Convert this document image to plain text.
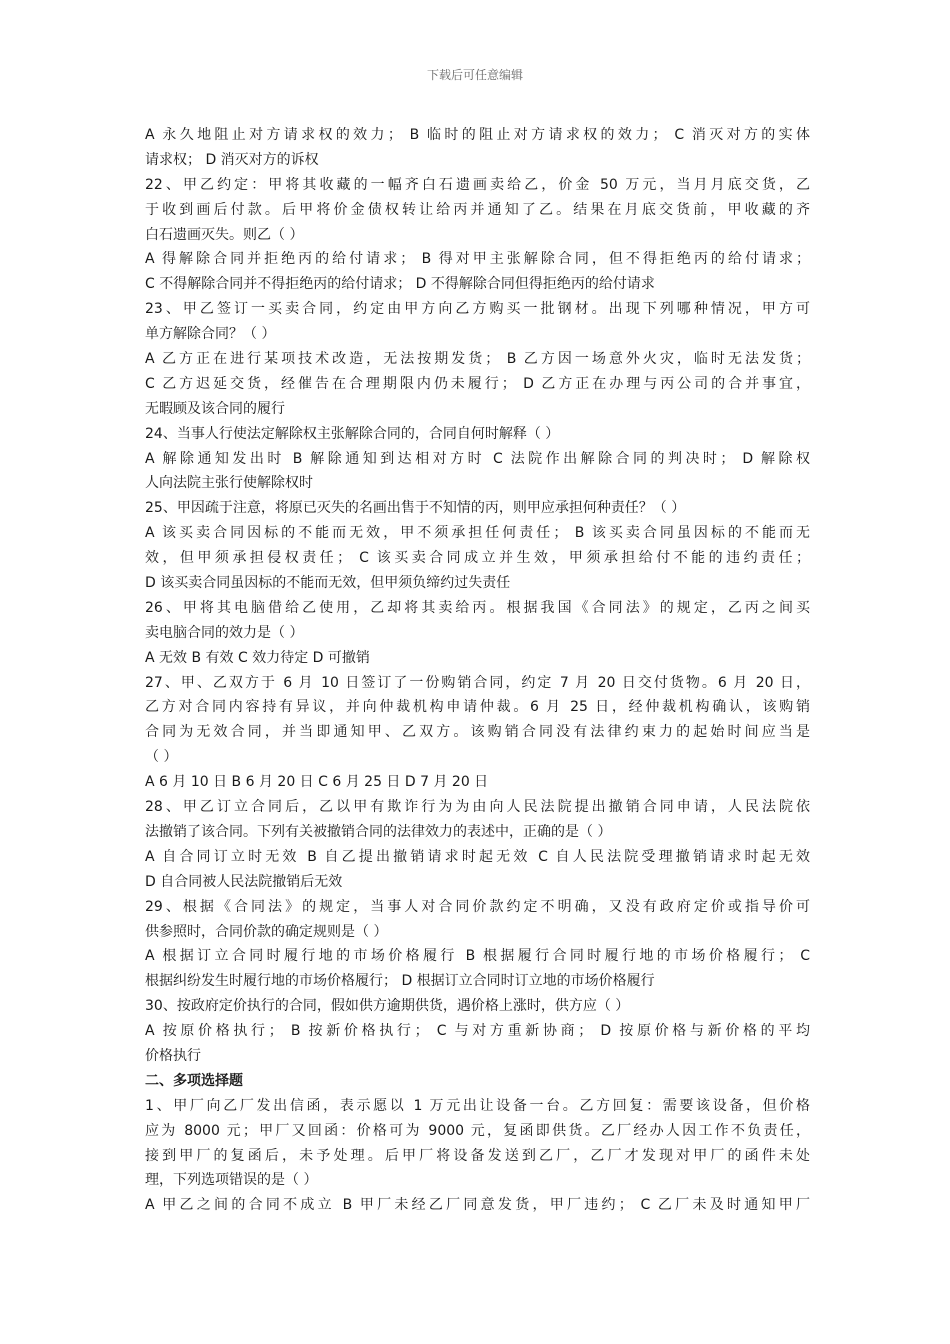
下载后可任意编辑
A 永久地阻止对方请求权的效力； B 临时的阻止对方请求权的效力； C 消灭对方的实体
请求权； D 消灭对方的诉权
22、甲乙约定：甲将其收藏的一幅齐白石遗画卖给乙，价金 50 万元，当月月底交货，乙
于收到画后付款。后甲将价金债权转让给丙并通知了乙。结果在月底交货前，甲收藏的齐
白石遗画灭失。则乙（ ）
A 得解除合同并拒绝丙的给付请求； B 得对甲主张解除合同，但不得拒绝丙的给付请求；
C 不得解除合同并不得拒绝丙的给付请求； D 不得解除合同但得拒绝丙的给付请求
23、甲乙签订一买卖合同，约定由甲方向乙方购买一批钢材。出现下列哪种情况，甲方可
单方解除合同？（ ）
A 乙方正在进行某项技术改造，无法按期发货； B 乙方因一场意外火灾，临时无法发货；
C 乙方迟延交货，经催告在合理期限内仍未履行； D 乙方正在办理与丙公司的合并事宜，
无暇顾及该合同的履行
24、当事人行使法定解除权主张解除合同的，合同自何时解释（ ）
A 解除通知发出时 B 解除通知到达相对方时 C 法院作出解除合同的判决时； D 解除权
人向法院主张行使解除权时
25、甲因疏于注意，将原已灭失的名画出售于不知情的丙，则甲应承担何种责任？（ ）
A 该买卖合同因标的不能而无效，甲不须承担任何责任； B 该买卖合同虽因标的不能而无
效，但甲须承担侵权责任； C 该买卖合同成立并生效，甲须承担给付不能的违约责任；
D 该买卖合同虽因标的不能而无效，但甲须负缔约过失责任
26、甲将其电脑借给乙使用，乙却将其卖给丙。根据我国《合同法》的规定，乙丙之间买
卖电脑合同的效力是（ ）
A 无效 B 有效 C 效力待定 D 可撤销
27、甲、乙双方于 6 月 10 日签订了一份购销合同，约定 7 月 20 日交付货物。6 月 20 日，
乙方对合同内容持有异议，并向仲裁机构申请仲裁。6 月 25 日，经仲裁机构确认，该购销
合同为无效合同，并当即通知甲、乙双方。该购销合同没有法律约束力的起始时间应当是
（ ）
A 6 月 10 日 B 6 月 20 日 C 6 月 25 日 D 7 月 20 日
28、甲乙订立合同后，乙以甲有欺诈行为为由向人民法院提出撤销合同申请，人民法院依
法撤销了该合同。下列有关被撤销合同的法律效力的表述中，正确的是（ ）
A 自合同订立时无效 B 自乙提出撤销请求时起无效 C 自人民法院受理撤销请求时起无效
D 自合同被人民法院撤销后无效
29、根据《合同法》的规定，当事人对合同价款约定不明确，又没有政府定价或指导价可
供参照时，合同价款的确定规则是（ ）
A 根据订立合同时履行地的市场价格履行 B 根据履行合同时履行地的市场价格履行； C
根据纠纷发生时履行地的市场价格履行； D 根据订立合同时订立地的市场价格履行
30、按政府定价执行的合同，假如供方逾期供货，遇价格上涨时，供方应（ ）
A 按原价格执行； B 按新价格执行； C 与对方重新协商； D 按原价格与新价格的平均
价格执行
二、多项选择题
1、甲厂向乙厂发出信函，表示愿以 1 万元出让设备一台。乙方回复：需要该设备，但价格
应为 8000 元；甲厂又回函：价格可为 9000 元，复函即供货。乙厂经办人因工作不负责任，
接到甲厂的复函后，未予处理。后甲厂将设备发送到乙厂，乙厂才发现对甲厂的函件未处
理，下列选项错误的是（ ）
A 甲乙之间的合同不成立 B 甲厂未经乙厂同意发货，甲厂违约； C 乙厂未及时通知甲厂
